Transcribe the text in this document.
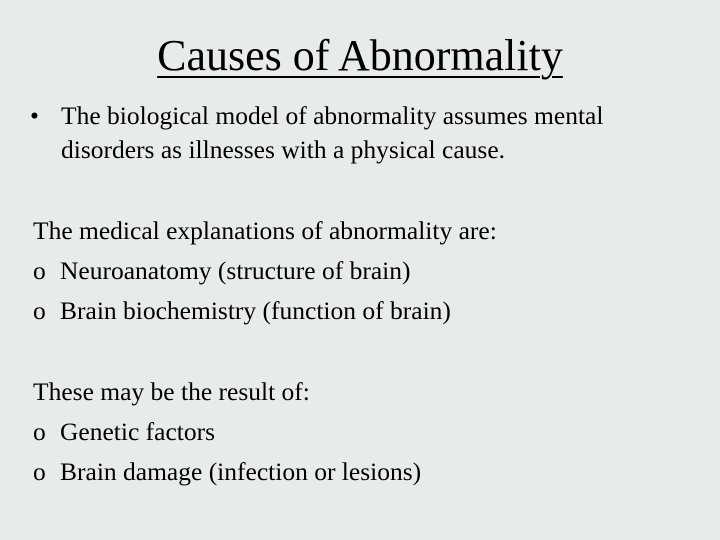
Causes of Abnormality
• The biological model of abnormality assumes mental disorders as illnesses with a physical cause.
The medical explanations of abnormality are:
o Neuroanatomy (structure of brain)
o Brain biochemistry (function of brain)
These may be the result of:
o Genetic factors
o Brain damage (infection or lesions)
